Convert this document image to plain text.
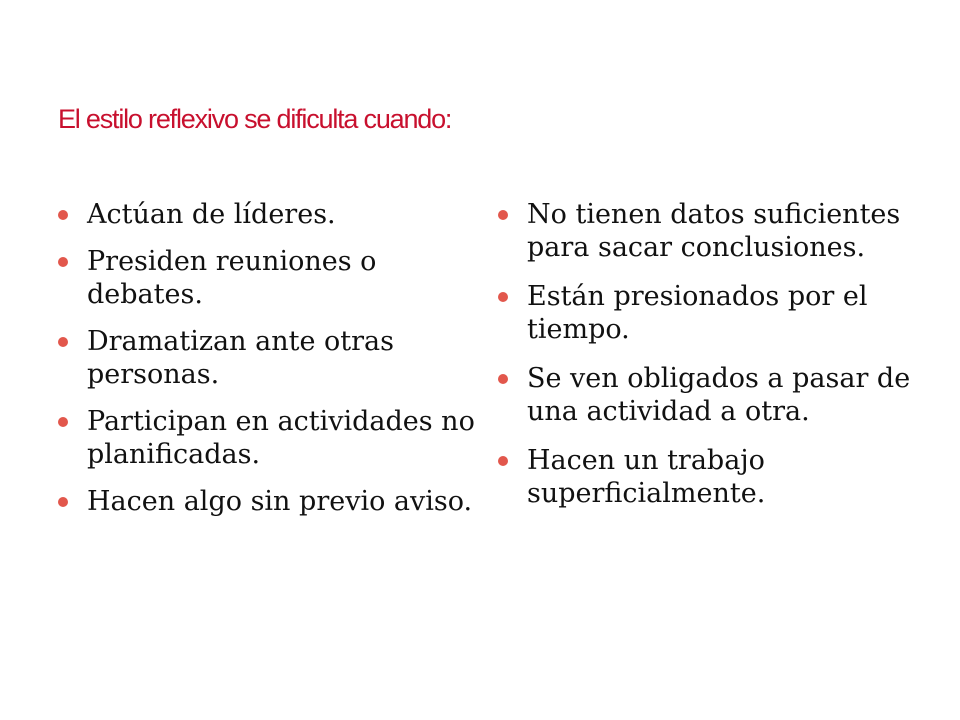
El estilo reflexivo se dificulta cuando:
Actúan de líderes.
Presiden reuniones o debates.
Dramatizan ante otras personas.
Participan en actividades no planificadas.
Hacen algo sin previo aviso.
No tienen datos suficientes para sacar conclusiones.
Están presionados por el tiempo.
Se ven obligados a pasar de una actividad a otra.
Hacen un trabajo superficialmente.
